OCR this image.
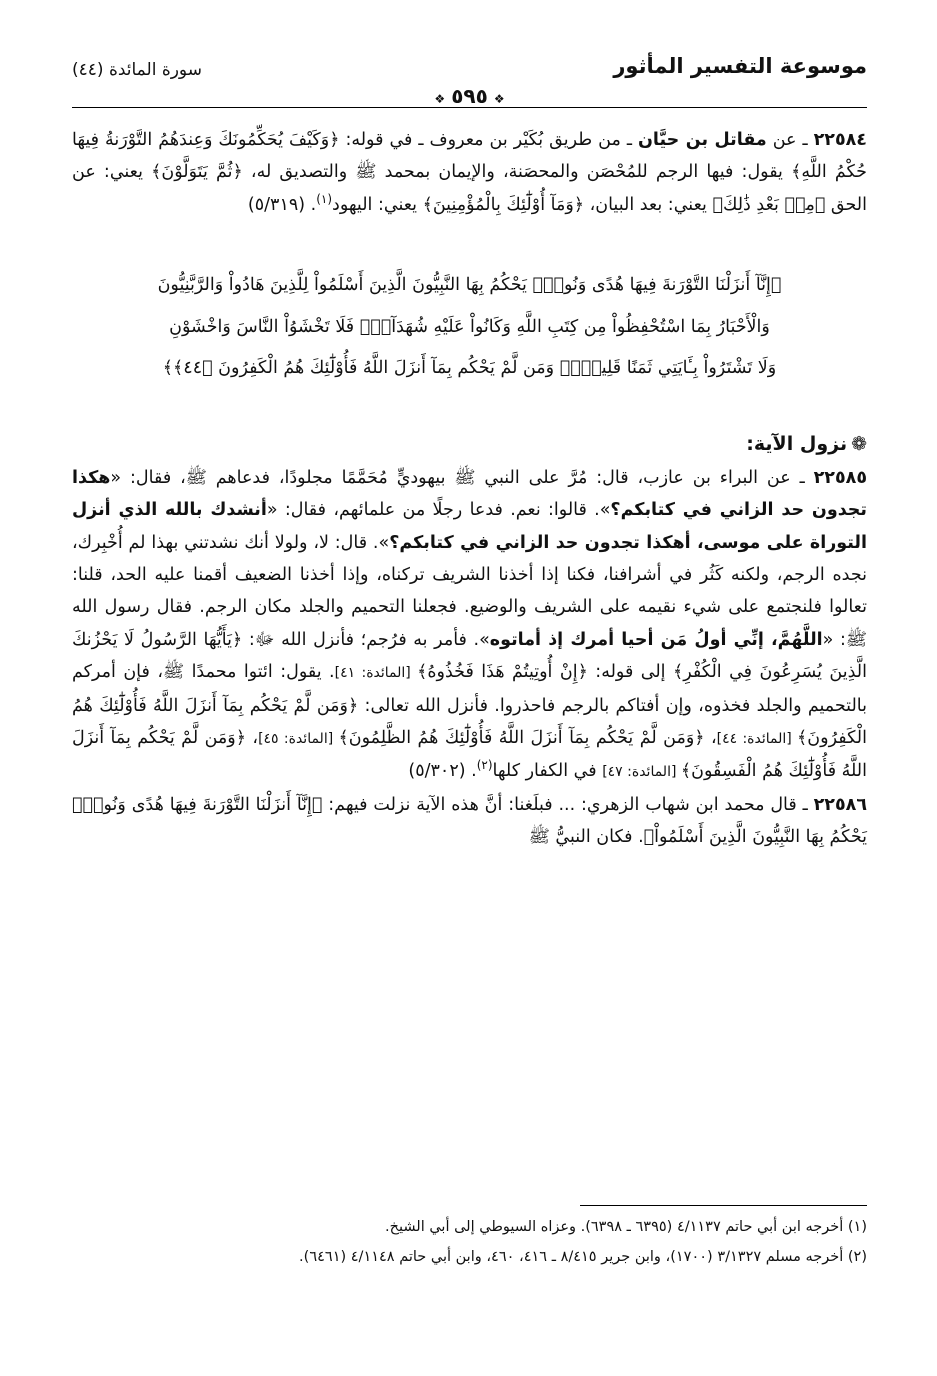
موسوعة التفسير المأثور
❖٥٩٥❖
سورة المائدة (٤٤)

٢٢٥٨٤ ـ عن مقاتل بن حيَّان ـ من طريق بُكَيْر بن معروف ـ في قوله: ﴿وَكَيْفَ يُحَكِّمُونَكَ وَعِندَهُمُ التَّوْرَنةُ فِيهَا حُكْمُ اللَّهِ﴾ يقول: فيها الرجم للمُحْصَن والمحصَنة، والإيمان بمحمد ﷺ والتصديق له، ﴿ثُمَّ يَتَوَلَّوْنَ﴾ يعني: عن الحق ﴿مِنۢ بَعْدِ ذَٰلِكَ﴾ يعني: بعد البيان، ﴿وَمَآ أُوْلَٰٓئِكَ بِالْمُؤْمِنِينَ﴾ يعني: اليهود$^{(١)}$. (٥/٣١٩)

﴿إِنَّآ أَنزَلْنَا التَّوْرَنةَ فِيهَا هُدًى وَنُورٌۚ يَحْكُمُ بِهَا النَّبِيُّونَ الَّذِينَ أَسْلَمُواْ لِلَّذِينَ هَادُواْ وَالرَّبَّنِيُّونَ
وَالْأَحْبَارُ بِمَا اسْتُحْفِظُواْ مِن كِتَبِ اللَّهِ وَكَانُواْ عَلَيْهِ شُهَدَآءَۚ فَلَا تَخْشَوُاْ النَّاسَ وَاخْشَوْنِ
وَلَا تَشْتَرُواْ بِـَٔايَتِي ثَمَنًا قَلِيلًاۚ وَمَن لَّمْ يَحْكُم بِمَآ أَنزَلَ اللَّهُ فَأُوْلَٰٓئِكَ هُمُ الْكَفِرُونَ ﴿٤٤﴾﴾
❁نزول الآية:

٢٢٥٨٥ ـ عن البراء بن عازب، قال: مُرَّ على النبي ﷺ بيهوديٍّ مُحَمَّمًا مجلودًا، فدعاهم ﷺ، فقال: «هكذا تجدون حد الزاني في كتابكم؟». قالوا: نعم. فدعا رجلًا من علمائهم، فقال: «أنشدك بالله الذي أنزل التوراة على موسى، أهكذا تجدون حد الزاني في كتابكم؟». قال: لا، ولولا أنك نشدتني بهذا لم أُخْبِرك، نجده الرجم، ولكنه كَثُر في أشرافنا، فكنا إذا أخذنا الشريف تركناه، وإذا أخذنا الضعيف أقمنا عليه الحد، قلنا: تعالوا فلنجتمع على شيء نقيمه على الشريف والوضيع. فجعلنا التحميم والجلد مكان الرجم. فقال رسول الله ﷺ: «اللَّهُمَّ، إنِّي أولُ مَن أحيا أمرك إذ أماتوه». فأمر به فرُجم؛ فأنزل الله ﷻ: ﴿يَأَيُّهَا الرَّسُولُ لَا يَحْزُنكَ الَّذِينَ يُسَرِعُونَ فِي الْكُفْرِ﴾ إلى قوله: ﴿إِنْ أُوتِيتُمْ هَذَا فَخُذُوهُ﴾ [المائدة: ٤١]. يقول: ائتوا محمدًا ﷺ، فإن أمركم بالتحميم والجلد فخذوه، وإن أفتاكم بالرجم فاحذروا. فأنزل الله تعالى: ﴿وَمَن لَّمْ يَحْكُم بِمَآ أَنزَلَ اللَّهُ فَأُوْلَٰٓئِكَ هُمُ الْكَفِرُونَ﴾ [المائدة: ٤٤]، ﴿وَمَن لَّمْ يَحْكُم بِمَآ أَنزَلَ اللَّهُ فَأُوْلَٰٓئِكَ هُمُ الظَّلِمُونَ﴾ [المائدة: ٤٥]، ﴿وَمَن لَّمْ يَحْكُم بِمَآ أَنزَلَ اللَّهُ فَأُوْلَٰٓئِكَ هُمُ الْفَسِقُونَ﴾ [المائدة: ٤٧] في الكفار كلها$^{(٢)}$. (٥/٣٠٢)

٢٢٥٨٦ ـ قال محمد ابن شهاب الزهري: ... فبلَغنا: أنَّ هذه الآية نزلت فيهم: ﴿إِنَّآ أَنزَلْنَا التَّوْرَنةَ فِيهَا هُدًى وَنُورٌۚ يَحْكُمُ بِهَا النَّبِيُّونَ الَّذِينَ أَسْلَمُواْ﴾. فكان النبيُّ ﷺ

(١) أخرجه ابن أبي حاتم ٤/١١٣٧ (٦٣٩٥ ـ ٦٣٩٨). وعزاه السيوطي إلى أبي الشيخ.
(٢) أخرجه مسلم ٣/١٣٢٧ (١٧٠٠)، وابن جرير ٨/٤١٥ ـ ٤١٦، ٤٦٠، وابن أبي حاتم ٤/١١٤٨ (٦٤٦١).
